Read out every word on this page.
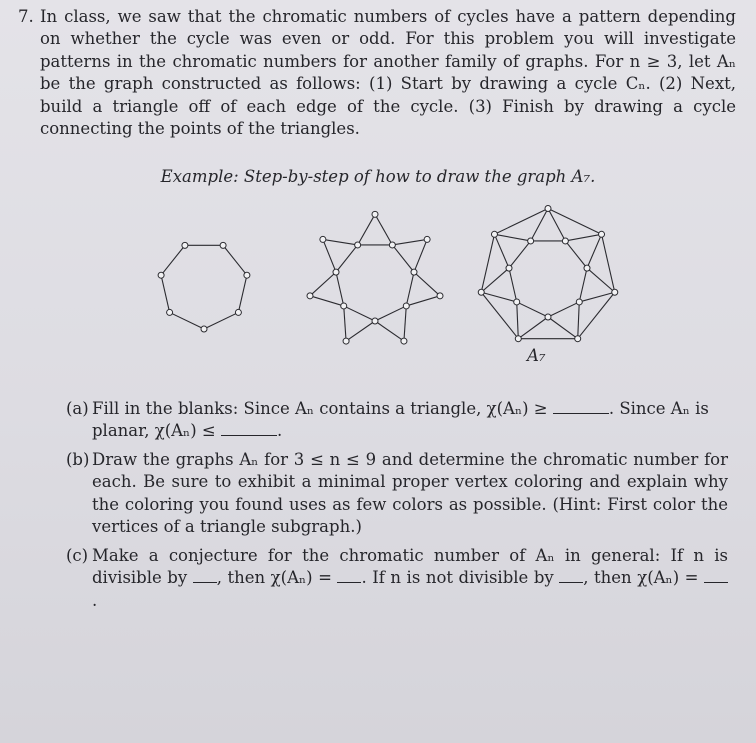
7. In class, we saw that the chromatic numbers of cycles have a pattern depending on whether the cycle was even or odd. For this problem you will investigate patterns in the chromatic numbers for another family of graphs. For n ≥ 3, let Aₙ be the graph constructed as follows: (1) Start by drawing a cycle Cₙ. (2) Next, build a triangle off of each edge of the cycle. (3) Finish by drawing a cycle connecting the points of the triangles.
Example: Step-by-step of how to draw the graph A₇.
A₇
(a) Fill in the blanks: Since Aₙ contains a triangle, χ(Aₙ) ≥	. Since Aₙ is
planar, χ(Aₙ) ≤	.
(b) Draw the graphs Aₙ for 3 ≤ n ≤ 9 and determine the chromatic number for each. Be sure to exhibit a minimal proper vertex coloring and explain why the coloring you found uses as few colors as possible. (Hint: First color the vertices of a triangle subgraph.)
(c) Make a conjecture for the chromatic number of Aₙ in general: If n is divisible by , then χ(Aₙ) = . If n is not divisible by , then χ(Aₙ) = .
